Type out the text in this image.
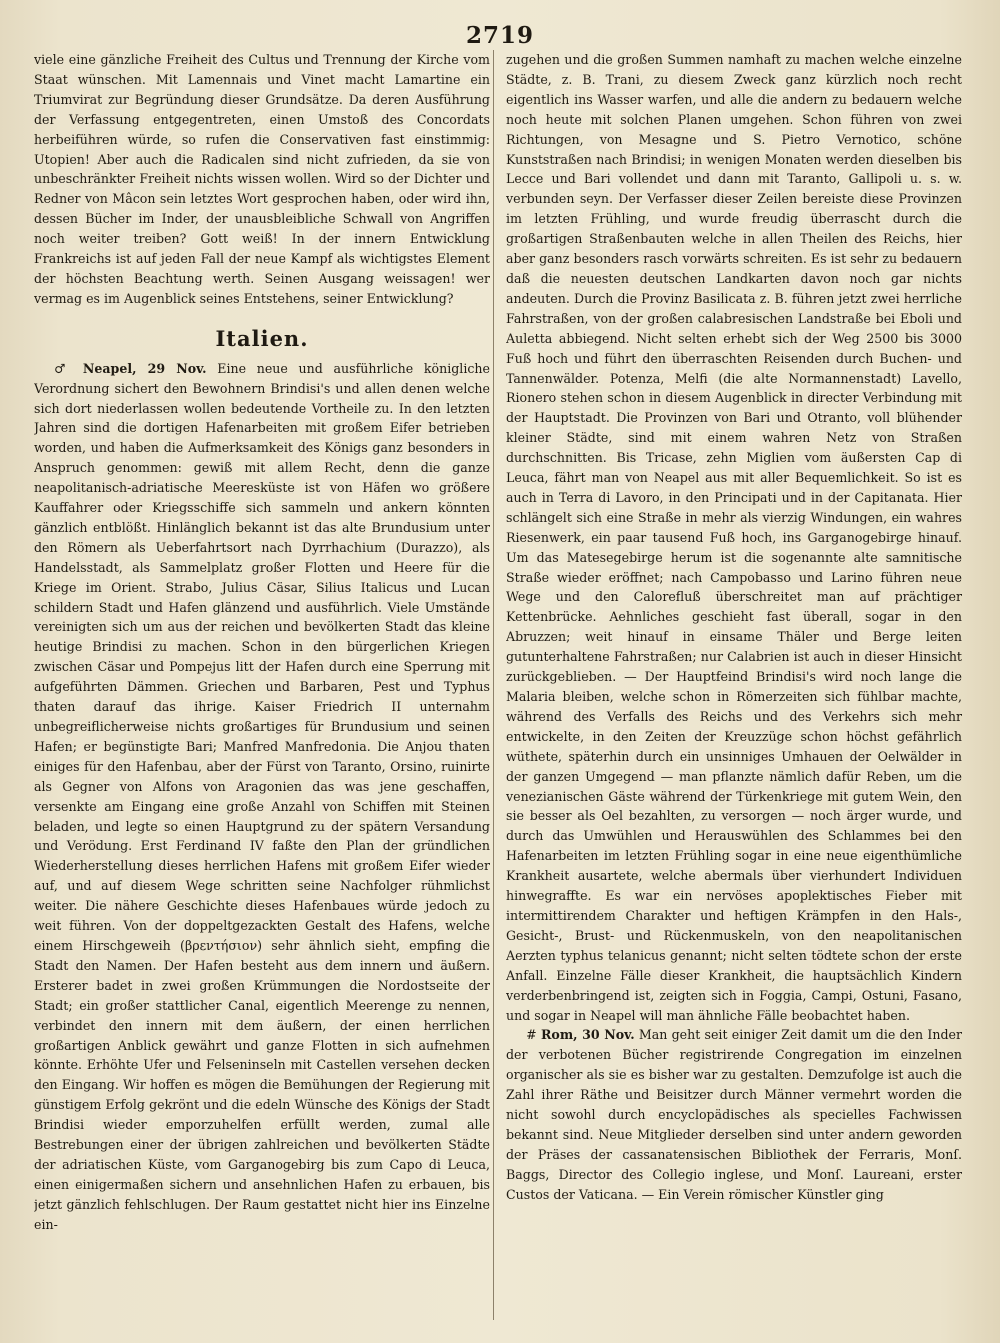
2719

viele eine gänzliche Freiheit des Cultus und Trennung der Kirche vom Staat wünschen. Mit Lamennais und Vinet macht Lamartine ein Triumvirat zur Begründung dieser Grundsätze. Da deren Ausführung der Verfassung entgegentreten, einen Umstoß des Concordats herbeiführen würde, so rufen die Conservativen fast einstimmig: Utopien! Aber auch die Radicalen sind nicht zufrieden, da sie von unbeschränkter Freiheit nichts wissen wollen. Wird so der Dichter und Redner von Mâcon sein letztes Wort gesprochen haben, oder wird ihn, dessen Bücher im Inder, der unausbleibliche Schwall von Angriffen noch weiter treiben? Gott weiß! In der innern Entwicklung Frankreichs ist auf jeden Fall der neue Kampf als wichtigstes Element der höchsten Beachtung werth. Seinen Ausgang weissagen! wer vermag es im Augenblick seines Entstehens, seiner Entwicklung?

Italien.

♂ Neapel, 29 Nov. Eine neue und ausführliche königliche Verordnung sichert den Bewohnern Brindisi's und allen denen welche sich dort niederlassen wollen bedeutende Vortheile zu. In den letzten Jahren sind die dortigen Hafenarbeiten mit großem Eifer betrieben worden, und haben die Aufmerksamkeit des Königs ganz besonders in Anspruch genommen: gewiß mit allem Recht, denn die ganze neapolitanisch-adriatische Meeresküste ist von Häfen wo größere Kauffahrer oder Kriegsschiffe sich sammeln und ankern könnten gänzlich entblößt. Hinlänglich bekannt ist das alte Brundusium unter den Römern als Ueberfahrtsort nach Dyrrhachium (Durazzo), als Handelsstadt, als Sammelplatz großer Flotten und Heere für die Kriege im Orient. Strabo, Julius Cäsar, Silius Italicus und Lucan schildern Stadt und Hafen glänzend und ausführlich. Viele Umstände vereinigten sich um aus der reichen und bevölkerten Stadt das kleine heutige Brindisi zu machen. Schon in den bürgerlichen Kriegen zwischen Cäsar und Pompejus litt der Hafen durch eine Sperrung mit aufgeführten Dämmen. Griechen und Barbaren, Pest und Typhus thaten darauf das ihrige. Kaiser Friedrich II unternahm unbegreiflicherweise nichts großartiges für Brundusium und seinen Hafen; er begünstigte Bari; Manfred Manfredonia. Die Anjou thaten einiges für den Hafenbau, aber der Fürst von Taranto, Orsino, ruinirte als Gegner von Alfons von Aragonien das was jene geschaffen, versenkte am Eingang eine große Anzahl von Schiffen mit Steinen beladen, und legte so einen Hauptgrund zu der spätern Versandung und Verödung. Erst Ferdinand IV faßte den Plan der gründlichen Wiederherstellung dieses herrlichen Hafens mit großem Eifer wieder auf, und auf diesem Wege schritten seine Nachfolger rühmlichst weiter. Die nähere Geschichte dieses Hafenbaues würde jedoch zu weit führen. Von der doppeltgezackten Gestalt des Hafens, welche einem Hirschgeweih (βρεντήσιον) sehr ähnlich sieht, empfing die Stadt den Namen. Der Hafen besteht aus dem innern und äußern. Ersterer badet in zwei großen Krümmungen die Nordostseite der Stadt; ein großer stattlicher Canal, eigentlich Meerenge zu nennen, verbindet den innern mit dem äußern, der einen herrlichen großartigen Anblick gewährt und ganze Flotten in sich aufnehmen könnte. Erhöhte Ufer und Felseninseln mit Castellen versehen decken den Eingang. Wir hoffen es mögen die Bemühungen der Regierung mit günstigem Erfolg gekrönt und die edeln Wünsche des Königs der Stadt Brindisi wieder emporzuhelfen erfüllt werden, zumal alle Bestrebungen einer der übrigen zahlreichen und bevölkerten Städte der adriatischen Küste, vom Garganogebirg bis zum Capo di Leuca, einen einigermaßen sichern und ansehnlichen Hafen zu erbauen, bis jetzt gänzlich fehlschlugen. Der Raum gestattet nicht hier ins Einzelne ein-

zugehen und die großen Summen namhaft zu machen welche einzelne Städte, z. B. Trani, zu diesem Zweck ganz kürzlich noch recht eigentlich ins Wasser warfen, und alle die andern zu bedauern welche noch heute mit solchen Planen umgehen. Schon führen von zwei Richtungen, von Mesagne und S. Pietro Vernotico, schöne Kunststraßen nach Brindisi; in wenigen Monaten werden dieselben bis Lecce und Bari vollendet und dann mit Taranto, Gallipoli u. s. w. verbunden seyn. Der Verfasser dieser Zeilen bereiste diese Provinzen im letzten Frühling, und wurde freudig überrascht durch die großartigen Straßenbauten welche in allen Theilen des Reichs, hier aber ganz besonders rasch vorwärts schreiten. Es ist sehr zu bedauern daß die neuesten deutschen Landkarten davon noch gar nichts andeuten. Durch die Provinz Basilicata z. B. führen jetzt zwei herrliche Fahrstraßen, von der großen calabresischen Landstraße bei Eboli und Auletta abbiegend. Nicht selten erhebt sich der Weg 2500 bis 3000 Fuß hoch und führt den überraschten Reisenden durch Buchen- und Tannenwälder. Potenza, Melfi (die alte Normannenstadt) Lavello, Rionero stehen schon in diesem Augenblick in directer Verbindung mit der Hauptstadt. Die Provinzen von Bari und Otranto, voll blühender kleiner Städte, sind mit einem wahren Netz von Straßen durchschnitten. Bis Tricase, zehn Miglien vom äußersten Cap di Leuca, fährt man von Neapel aus mit aller Bequemlichkeit. So ist es auch in Terra di Lavoro, in den Principati und in der Capitanata. Hier schlängelt sich eine Straße in mehr als vierzig Windungen, ein wahres Riesenwerk, ein paar tausend Fuß hoch, ins Garganogebirge hinauf. Um das Matesegebirge herum ist die sogenannte alte samnitische Straße wieder eröffnet; nach Campobasso und Larino führen neue Wege und den Calorefluß überschreitet man auf prächtiger Kettenbrücke. Aehnliches geschieht fast überall, sogar in den Abruzzen; weit hinauf in einsame Thäler und Berge leiten gutunterhaltene Fahrstraßen; nur Calabrien ist auch in dieser Hinsicht zurückgeblieben. — Der Hauptfeind Brindisi's wird noch lange die Malaria bleiben, welche schon in Römerzeiten sich fühlbar machte, während des Verfalls des Reichs und des Verkehrs sich mehr entwickelte, in den Zeiten der Kreuzzüge schon höchst gefährlich wüthete, späterhin durch ein unsinniges Umhauen der Oelwälder in der ganzen Umgegend — man pflanzte nämlich dafür Reben, um die venezianischen Gäste während der Türkenkriege mit gutem Wein, den sie besser als Oel bezahlten, zu versorgen — noch ärger wurde, und durch das Umwühlen und Herauswühlen des Schlammes bei den Hafenarbeiten im letzten Frühling sogar in eine neue eigenthümliche Krankheit ausartete, welche abermals über vierhundert Individuen hinwegraffte. Es war ein nervöses apoplektisches Fieber mit intermittirendem Charakter und heftigen Krämpfen in den Hals-, Gesicht-, Brust- und Rückenmuskeln, von den neapolitanischen Aerzten typhus telanicus genannt; nicht selten tödtete schon der erste Anfall. Einzelne Fälle dieser Krankheit, die hauptsächlich Kindern verderbenbringend ist, zeigten sich in Foggia, Campi, Ostuni, Fasano, und sogar in Neapel will man ähnliche Fälle beobachtet haben.

# Rom, 30 Nov. Man geht seit einiger Zeit damit um die den Inder der verbotenen Bücher registrirende Congregation im einzelnen organischer als sie es bisher war zu gestalten. Demzufolge ist auch die Zahl ihrer Räthe und Beisitzer durch Männer vermehrt worden die nicht sowohl durch encyclopädisches als specielles Fachwissen bekannt sind. Neue Mitglieder derselben sind unter andern geworden der Präses der cassanatensischen Bibliothek der Ferraris, Monſ. Baggs, Director des Collegio inglese, und Monſ. Laureani, erster Custos der Vaticana. — Ein Verein römischer Künstler ging
